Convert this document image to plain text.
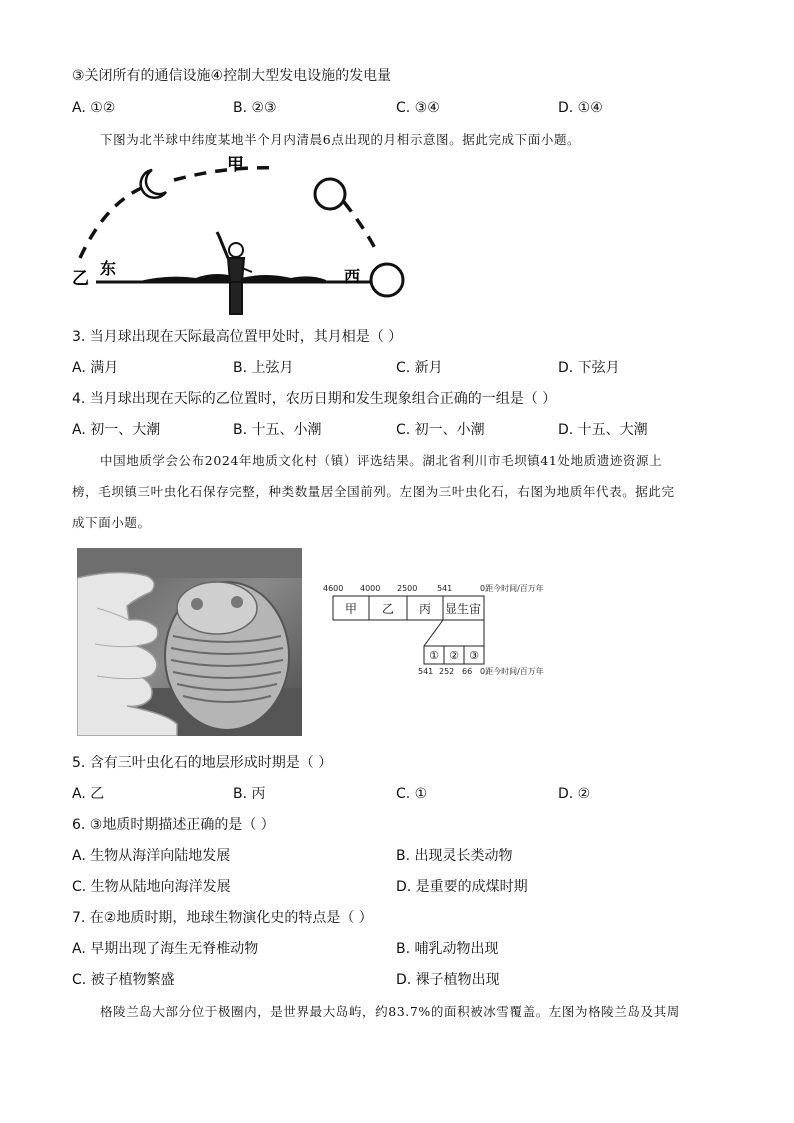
③关闭所有的通信设施④控制大型发电设施的发电量
A. ①②	B. ②③	C. ③④	D. ①④
下图为北半球中纬度某地半个月内清晨6点出现的月相示意图。据此完成下面小题。
甲
乙
东	西
3. 当月球出现在天际最高位置甲处时，其月相是（ ）
A. 满月	B. 上弦月	C. 新月	D. 下弦月
4. 当月球出现在天际的乙位置时，农历日期和发生现象组合正确的一组是（ ）
A. 初一、大潮	B. 十五、小潮	C. 初一、小潮	D. 十五、大潮
中国地质学会公布2024年地质文化村（镇）评选结果。湖北省利川市毛坝镇41处地质遗迹资源上
榜，毛坝镇三叶虫化石保存完整，种类数量居全国前列。左图为三叶虫化石，右图为地质年代表。据此完
成下面小题。
4600 4000 2500 541	0距今时间/百万年
甲 乙 丙 显生宙
① ② ③
541 252 66 0距今时间/百万年
5. 含有三叶虫化石的地层形成时期是（ ）
A. 乙	B. 丙	C. ①	D. ②
6. ③地质时期描述正确的是（ ）
A. 生物从海洋向陆地发展	B. 出现灵长类动物
C. 生物从陆地向海洋发展	D. 是重要的成煤时期
7. 在②地质时期，地球生物演化史的特点是（ ）
A. 早期出现了海生无脊椎动物	B. 哺乳动物出现
C. 被子植物繁盛	D. 裸子植物出现
格陵兰岛大部分位于极圈内，是世界最大岛屿，约83.7%的面积被冰雪覆盖。左图为格陵兰岛及其周
